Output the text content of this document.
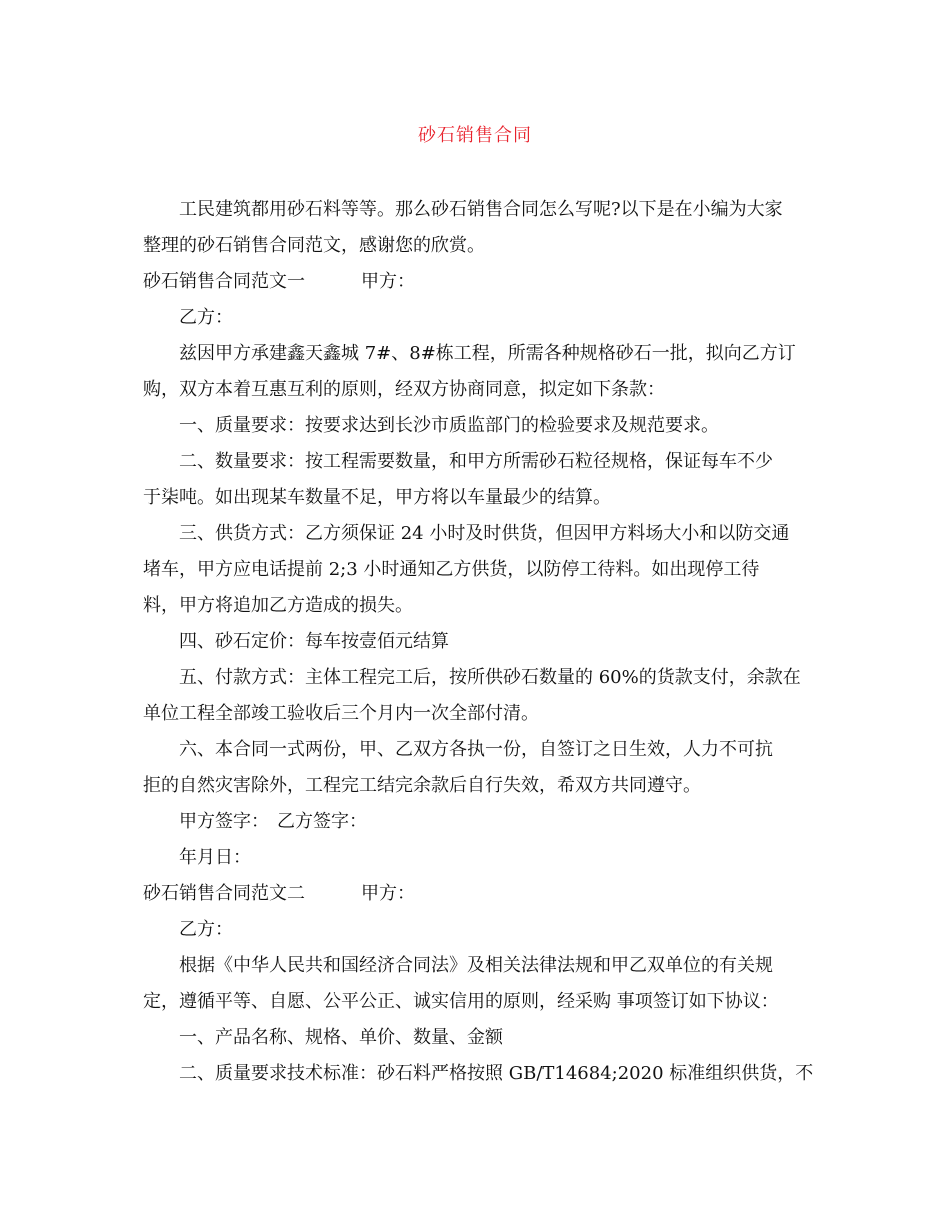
砂石销售合同
工民建筑都用砂石料等等。那么砂石销售合同怎么写呢?以下是在小编为大家
整理的砂石销售合同范文，感谢您的欣赏。
砂石销售合同范文一	甲方：
乙方：
兹因甲方承建鑫天鑫城 7#、8#栋工程，所需各种规格砂石一批，拟向乙方订
购，双方本着互惠互利的原则，经双方协商同意，拟定如下条款：
一、质量要求：按要求达到长沙市质监部门的检验要求及规范要求。
二、数量要求：按工程需要数量，和甲方所需砂石粒径规格，保证每车不少
于柒吨。如出现某车数量不足，甲方将以车量最少的结算。
三、供货方式：乙方须保证 24 小时及时供货，但因甲方料场大小和以防交通
堵车，甲方应电话提前 2;3 小时通知乙方供货，以防停工待料。如出现停工待
料，甲方将追加乙方造成的损失。
四、砂石定价：每车按壹佰元结算
五、付款方式：主体工程完工后，按所供砂石数量的 60%的货款支付，余款在
单位工程全部竣工验收后三个月内一次全部付清。
六、本合同一式两份，甲、乙双方各执一份，自签订之日生效，人力不可抗
拒的自然灾害除外，工程完工结完余款后自行失效，希双方共同遵守。
甲方签字： 乙方签字：
年月日：
砂石销售合同范文二	甲方：
乙方：
根据《中华人民共和国经济合同法》及相关法律法规和甲乙双单位的有关规
定，遵循平等、自愿、公平公正、诚实信用的原则，经采购 事项签订如下协议：
一、产品名称、规格、单价、数量、金额
二、质量要求技术标准：砂石料严格按照 GB/T14684;2020 标准组织供货，不
